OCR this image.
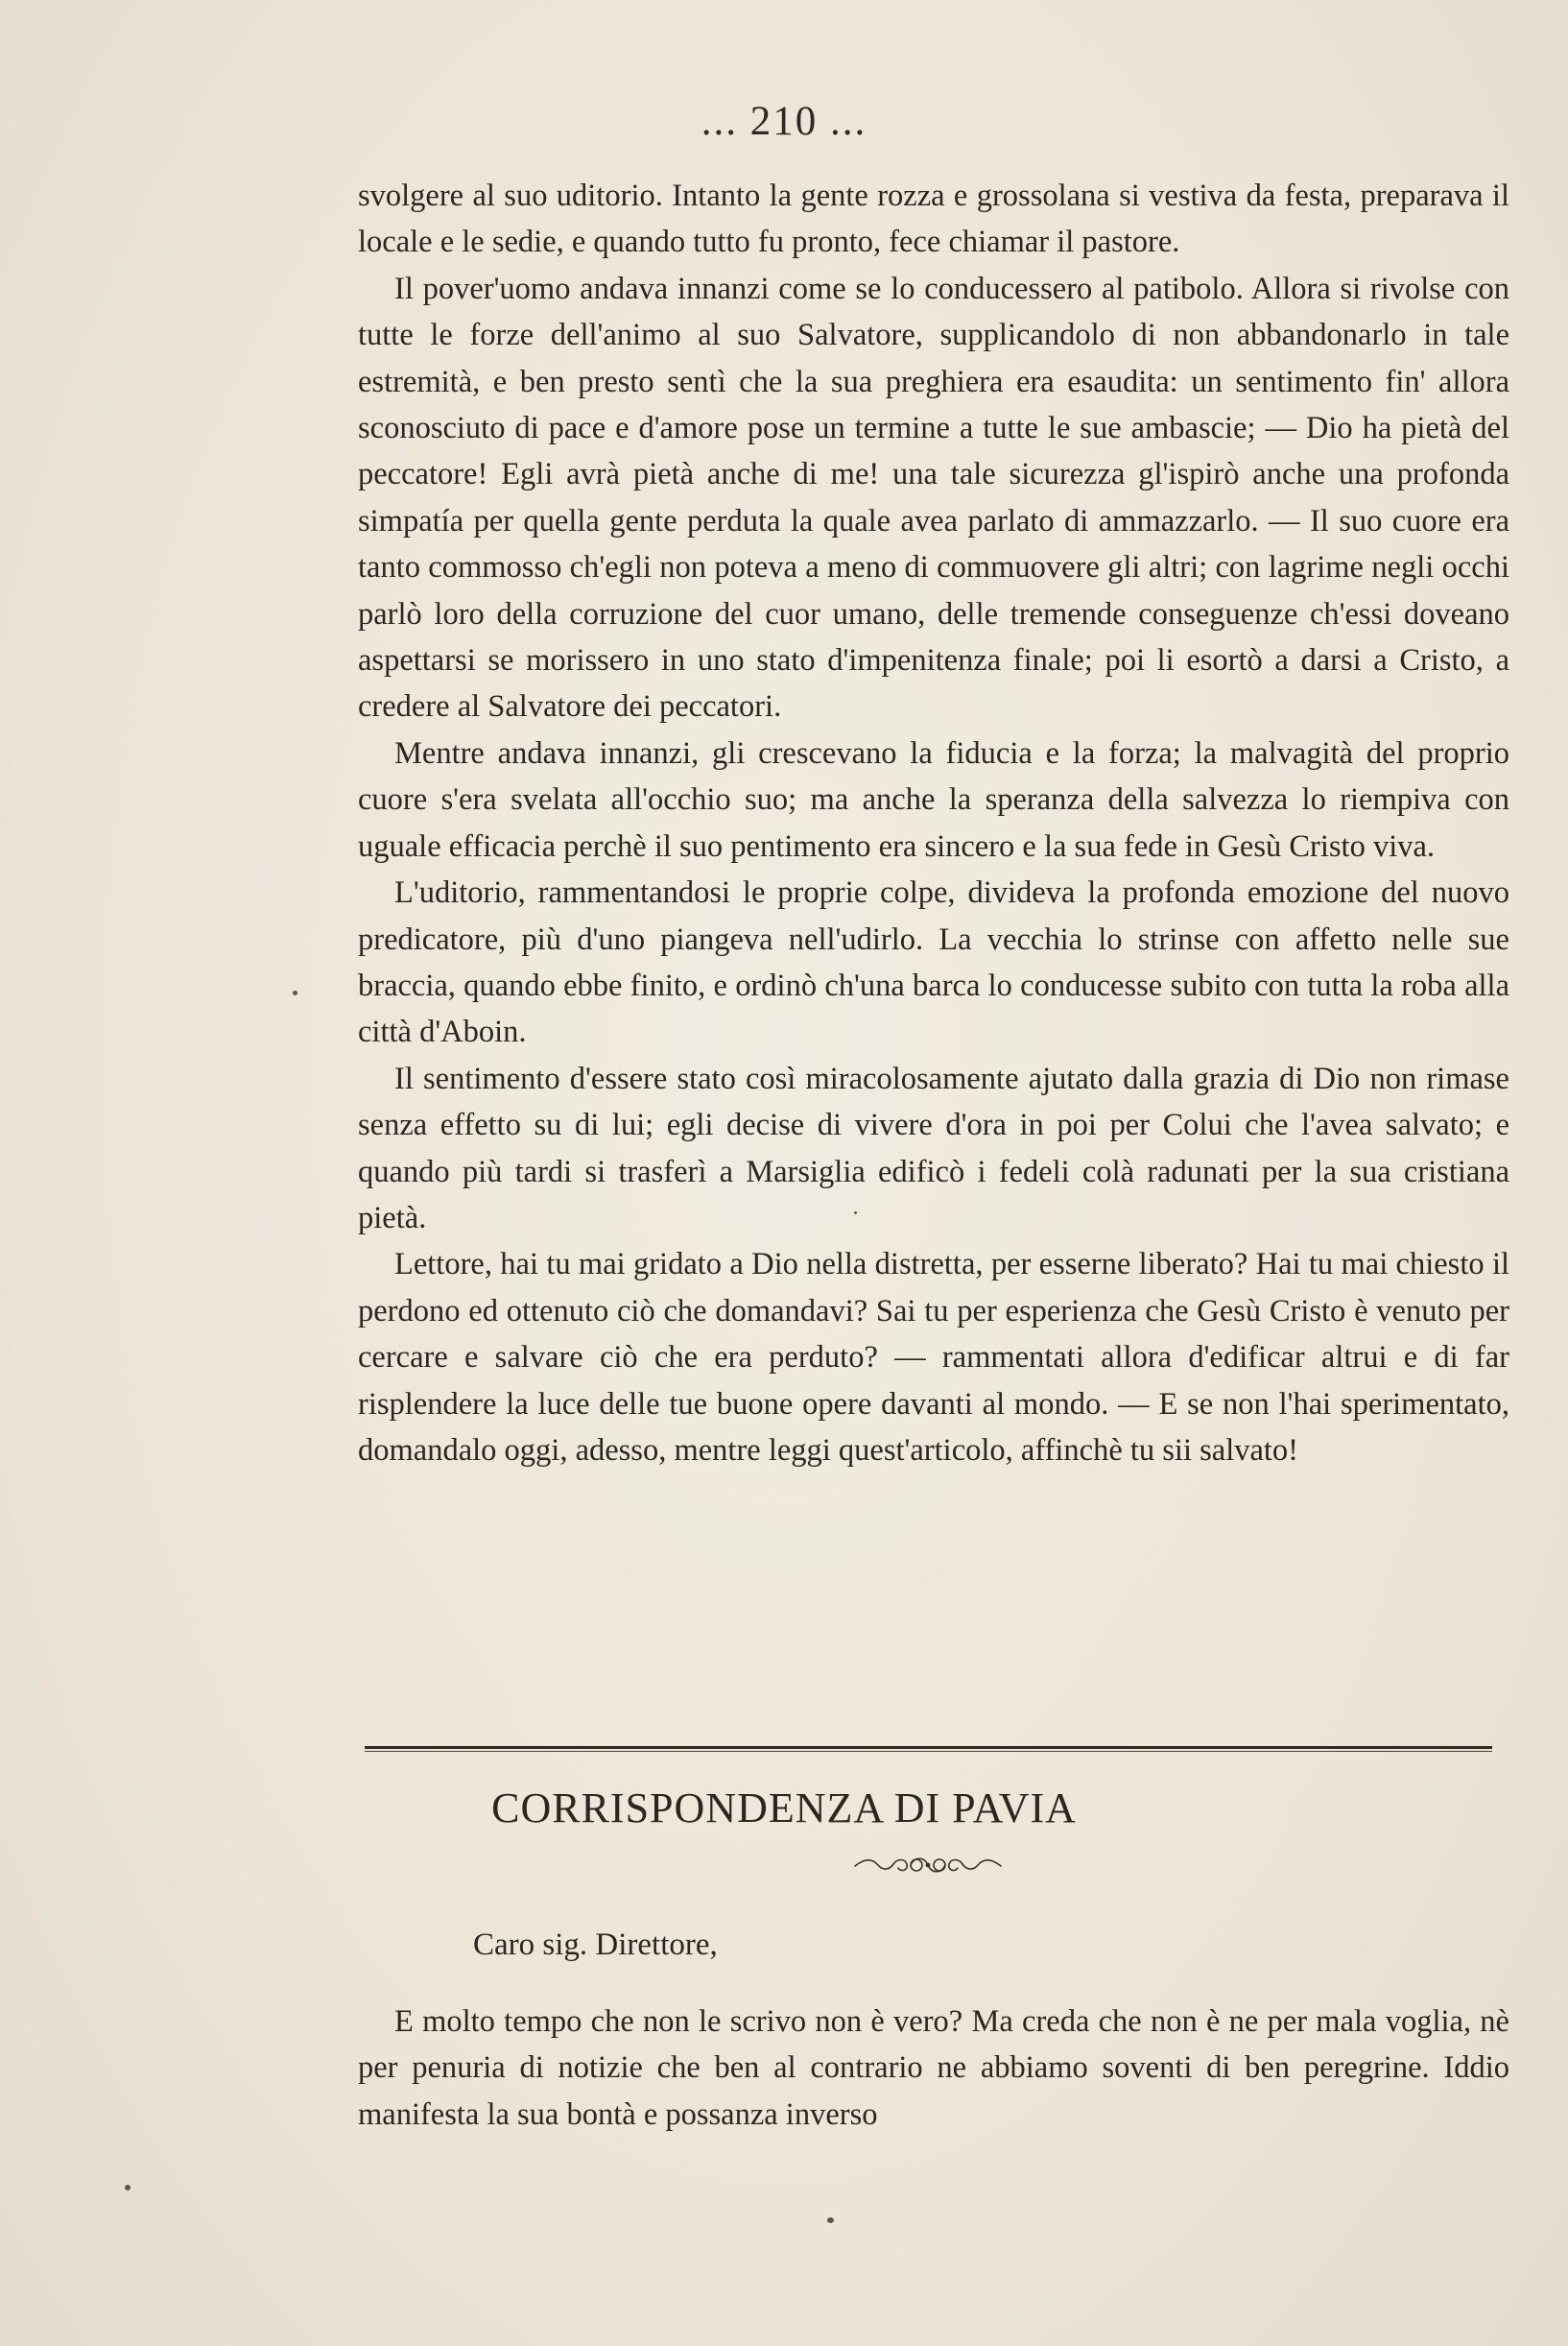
... 210 ...

svolgere al suo uditorio. Intanto la gente rozza e grossolana si vestiva da festa, preparava il locale e le sedie, e quando tutto fu pronto, fece chiamar il pastore.

Il pover'uomo andava innanzi come se lo conducessero al patibolo. Allora si rivolse con tutte le forze dell'animo al suo Salvatore, supplicandolo di non abbandonarlo in tale estremità, e ben presto sentì che la sua preghiera era esaudita: un sentimento fin' allora sconosciuto di pace e d'amore pose un termine a tutte le sue ambascie; — Dio ha pietà del peccatore! Egli avrà pietà anche di me! una tale sicurezza gl'ispirò anche una profonda simpatía per quella gente perduta la quale avea parlato di ammazzarlo. — Il suo cuore era tanto commosso ch'egli non poteva a meno di commuovere gli altri; con lagrime negli occhi parlò loro della corruzione del cuor umano, delle tremende conseguenze ch'essi doveano aspettarsi se morissero in uno stato d'impenitenza finale; poi li esortò a darsi a Cristo, a credere al Salvatore dei peccatori.

Mentre andava innanzi, gli crescevano la fiducia e la forza; la malvagità del proprio cuore s'era svelata all'occhio suo; ma anche la speranza della salvezza lo riempiva con uguale efficacia perchè il suo pentimento era sincero e la sua fede in Gesù Cristo viva.

L'uditorio, rammentandosi le proprie colpe, divideva la profonda emozione del nuovo predicatore, più d'uno piangeva nell'udirlo. La vecchia lo strinse con affetto nelle sue braccia, quando ebbe finito, e ordinò ch'una barca lo conducesse subito con tutta la roba alla città d'Aboin.

Il sentimento d'essere stato così miracolosamente ajutato dalla grazia di Dio non rimase senza effetto su di lui; egli decise di vivere d'ora in poi per Colui che l'avea salvato; e quando più tardi si trasferì a Marsiglia edificò i fedeli colà radunati per la sua cristiana pietà.

Lettore, hai tu mai gridato a Dio nella distretta, per esserne liberato? Hai tu mai chiesto il perdono ed ottenuto ciò che domandavi? Sai tu per esperienza che Gesù Cristo è venuto per cercare e salvare ciò che era perduto? — rammentati allora d'edificar altrui e di far risplendere la luce delle tue buone opere davanti al mondo. — E se non l'hai sperimentato, domandalo oggi, adesso, mentre leggi quest'articolo, affinchè tu sii salvato!

CORRISPONDENZA DI PAVIA
Caro sig. Direttore,

E molto tempo che non le scrivo non è vero? Ma creda che non è ne per mala voglia, nè per penuria di notizie che ben al contrario ne abbiamo soventi di ben peregrine. Iddio manifesta la sua bontà e possanza inverso
